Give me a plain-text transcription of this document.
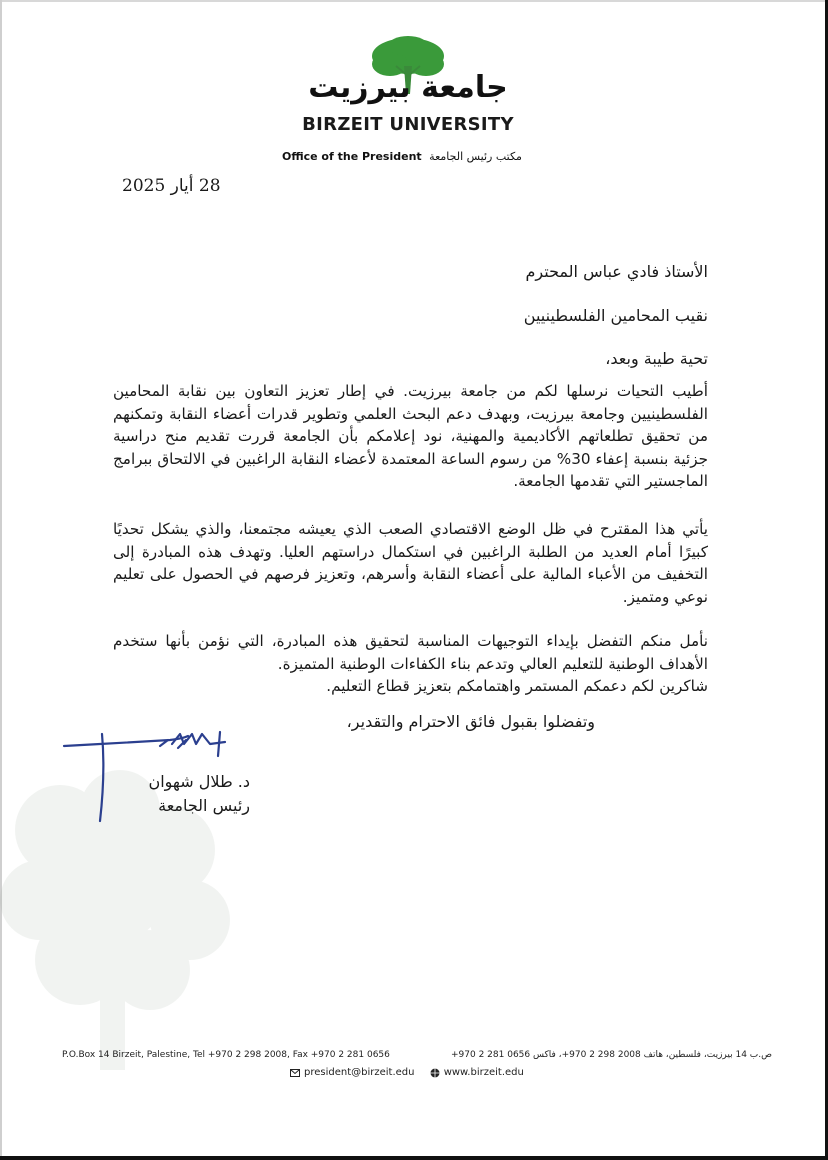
جامعة بيرزيت
BIRZEIT UNIVERSITY
Office of the President مكتب رئيس الجامعة
28 أيار 2025
الأستاذ فادي عباس المحترم
نقيب المحامين الفلسطينيين
تحية طيبة وبعد،
أطيب التحيات نرسلها لكم من جامعة بيرزيت. في إطار تعزيز التعاون بين نقابة المحامين الفلسطينيين وجامعة بيرزيت، وبهدف دعم البحث العلمي وتطوير قدرات أعضاء النقابة وتمكنهم من تحقيق تطلعاتهم الأكاديمية والمهنية، نود إعلامكم بأن الجامعة قررت تقديم منح دراسية جزئية بنسبة إعفاء 30% من رسوم الساعة المعتمدة لأعضاء النقابة الراغبين في الالتحاق ببرامج الماجستير التي تقدمها الجامعة.
يأتي هذا المقترح في ظل الوضع الاقتصادي الصعب الذي يعيشه مجتمعنا، والذي يشكل تحديًا كبيرًا أمام العديد من الطلبة الراغبين في استكمال دراستهم العليا. وتهدف هذه المبادرة إلى التخفيف من الأعباء المالية على أعضاء النقابة وأسرهم، وتعزيز فرصهم في الحصول على تعليم نوعي ومتميز.
نأمل منكم التفضل بإيداء التوجيهات المناسبة لتحقيق هذه المبادرة، التي نؤمن بأنها ستخدم الأهداف الوطنية للتعليم العالي وتدعم بناء الكفاءات الوطنية المتميزة.
شاكرين لكم دعمكم المستمر واهتمامكم بتعزيز قطاع التعليم.
وتفضلوا بقبول فائق الاحترام والتقدير،
د. طلال شهوان
رئيس الجامعة
P.O.Box 14 Birzeit, Palestine, Tel +970 2 298 2008, Fax +970 2 281 0656	ص.ب 14 بيرزيت، فلسطين، هاتف 2008 298 2 970+، فاكس 0656 281 2 970+
president@birzeit.edu
	www.birzeit.edu
